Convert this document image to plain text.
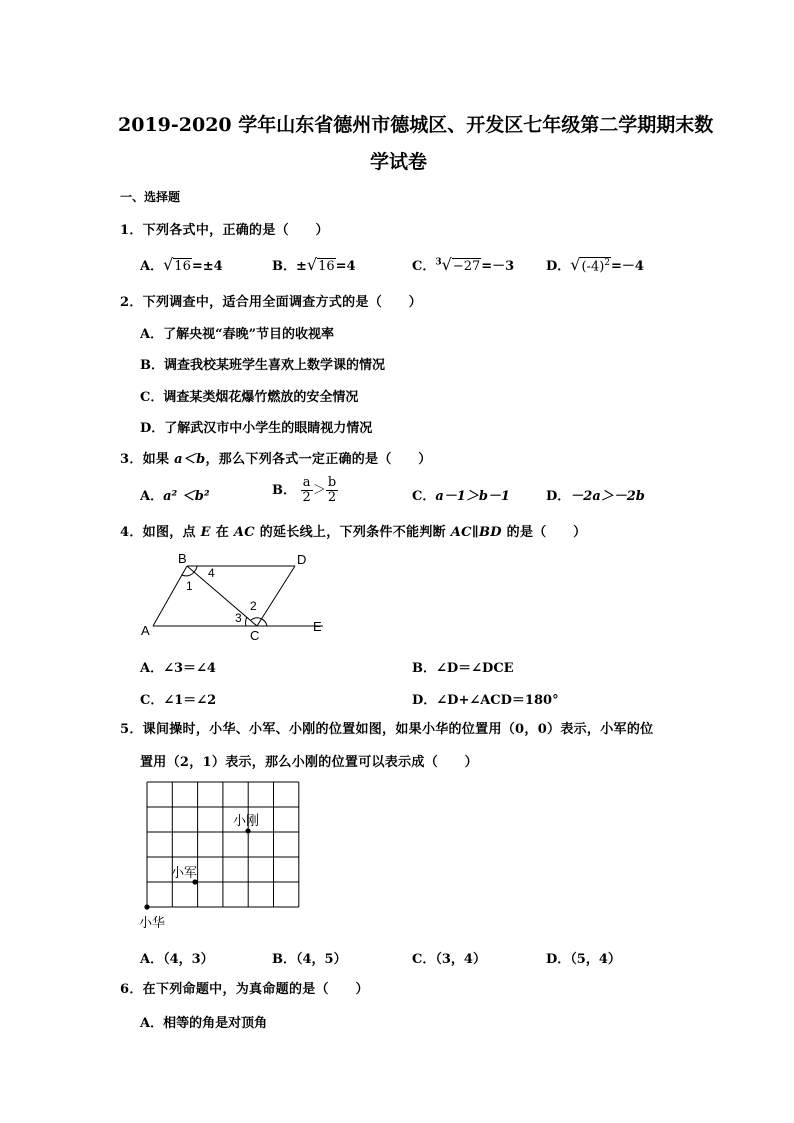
2019-2020 学年山东省德州市德城区、开发区七年级第二学期期末数
学试卷
一、选择题
1．下列各式中，正确的是（　　）
A．√16=±4	B．±√16=4	C．$^3$√−27=－3 D．$√(-4)^2=-4$
2．下列调查中，适合用全面调查方式的是（　　）
A．了解央视“春晚”节目的收视率
B．调查我校某班学生喜欢上数学课的情况
C．调查某类烟花爆竹燃放的安全情况
D．了解武汉市中小学生的眼睛视力情况
3．如果 a＜b，那么下列各式一定正确的是（　　）
A．a² ＜b²	B． $\frac{a}{2} > \frac{b}{2}$	C．a－1＞b－1	D．－2a＞－2b
4．如图，点 E 在 AC 的延长线上，下列条件不能判断 AC∥BD 的是（　　）
B	D
A	C
E
1
2
3
4
A．∠3＝∠4	B．∠D＝∠DCE
C．∠1＝∠2	D．∠D+∠ACD＝180°
5．课间操时，小华、小军、小刚的位置如图，如果小华的位置用（0，0）表示，小军的位
置用（2，1）表示，那么小刚的位置可以表示成（　　）
小刚
小军
小华
A．（4，3）	B．（4，5）	C．（3，4）	D．（5，4）
6．在下列命题中，为真命题的是（　　）
A．相等的角是对顶角
